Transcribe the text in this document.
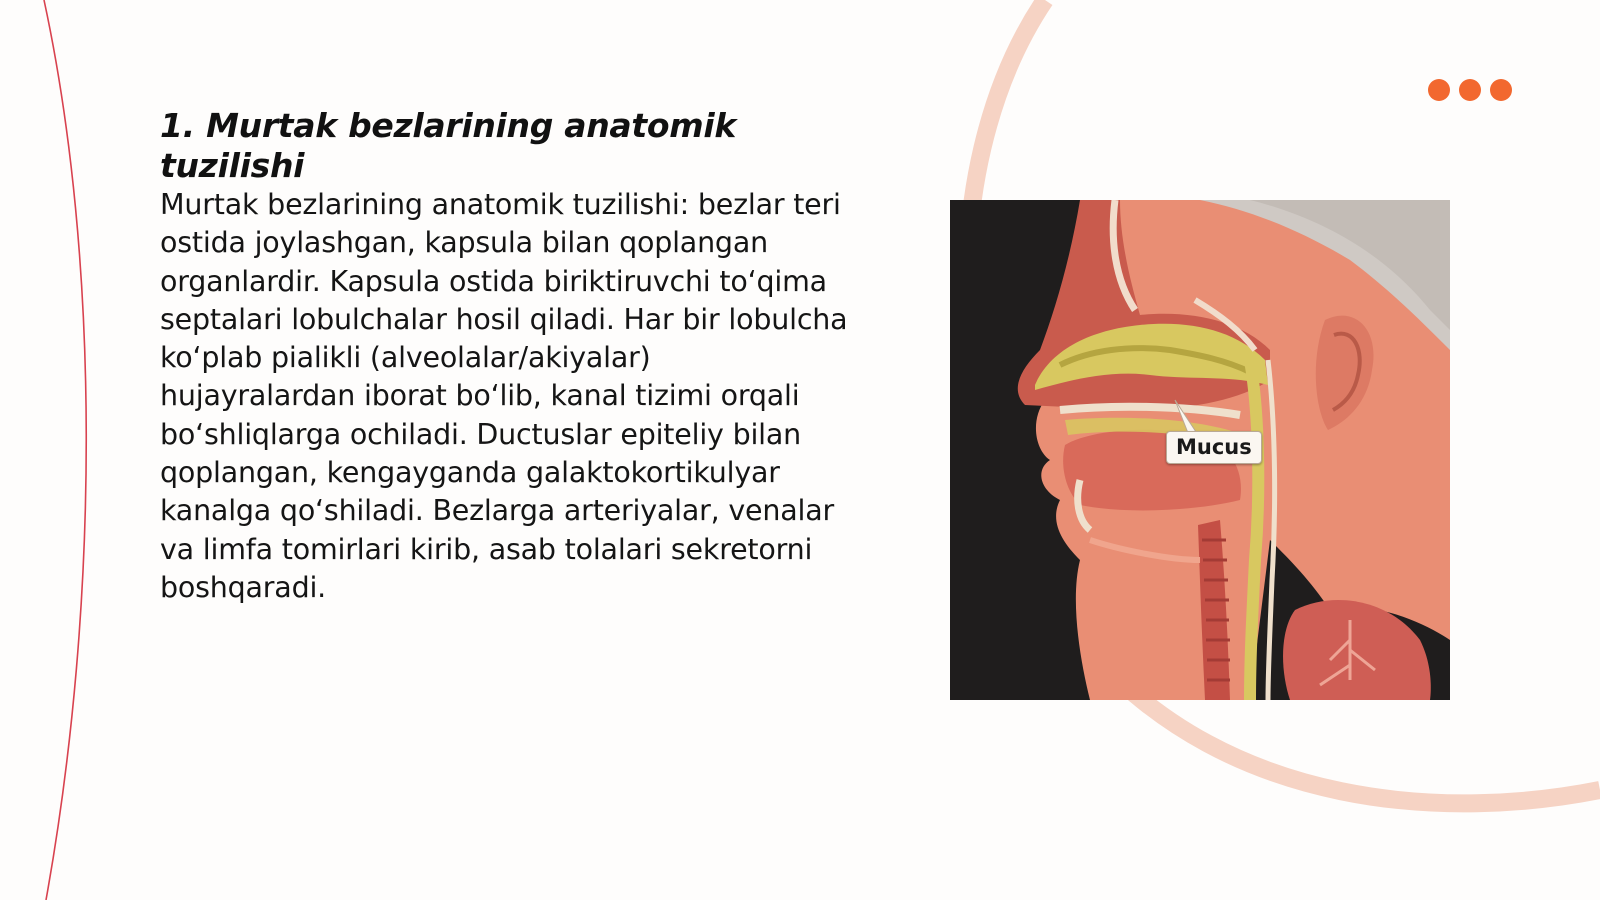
1. Murtak bezlarining anatomik tuzilishi

Murtak bezlarining anatomik tuzilishi: bezlar teri ostida joylashgan, kapsula bilan qoplangan organlardir. Kapsula ostida biriktiruvchi to‘qima septalari lobulchalar hosil qiladi. Har bir lobulcha ko‘plab pialikli (alveolalar/akiyalar) hujayralardan iborat bo‘lib, kanal tizimi orqali bo‘shliqlarga ochiladi. Ductuslar epiteliy bilan qoplangan, kengayganda galaktokortikulyar kanalga qo‘shiladi. Bezlarga arteriyalar, venalar va limfa tomirlari kirib, asab tolalari sekretorni boshqaradi.

Mucus
